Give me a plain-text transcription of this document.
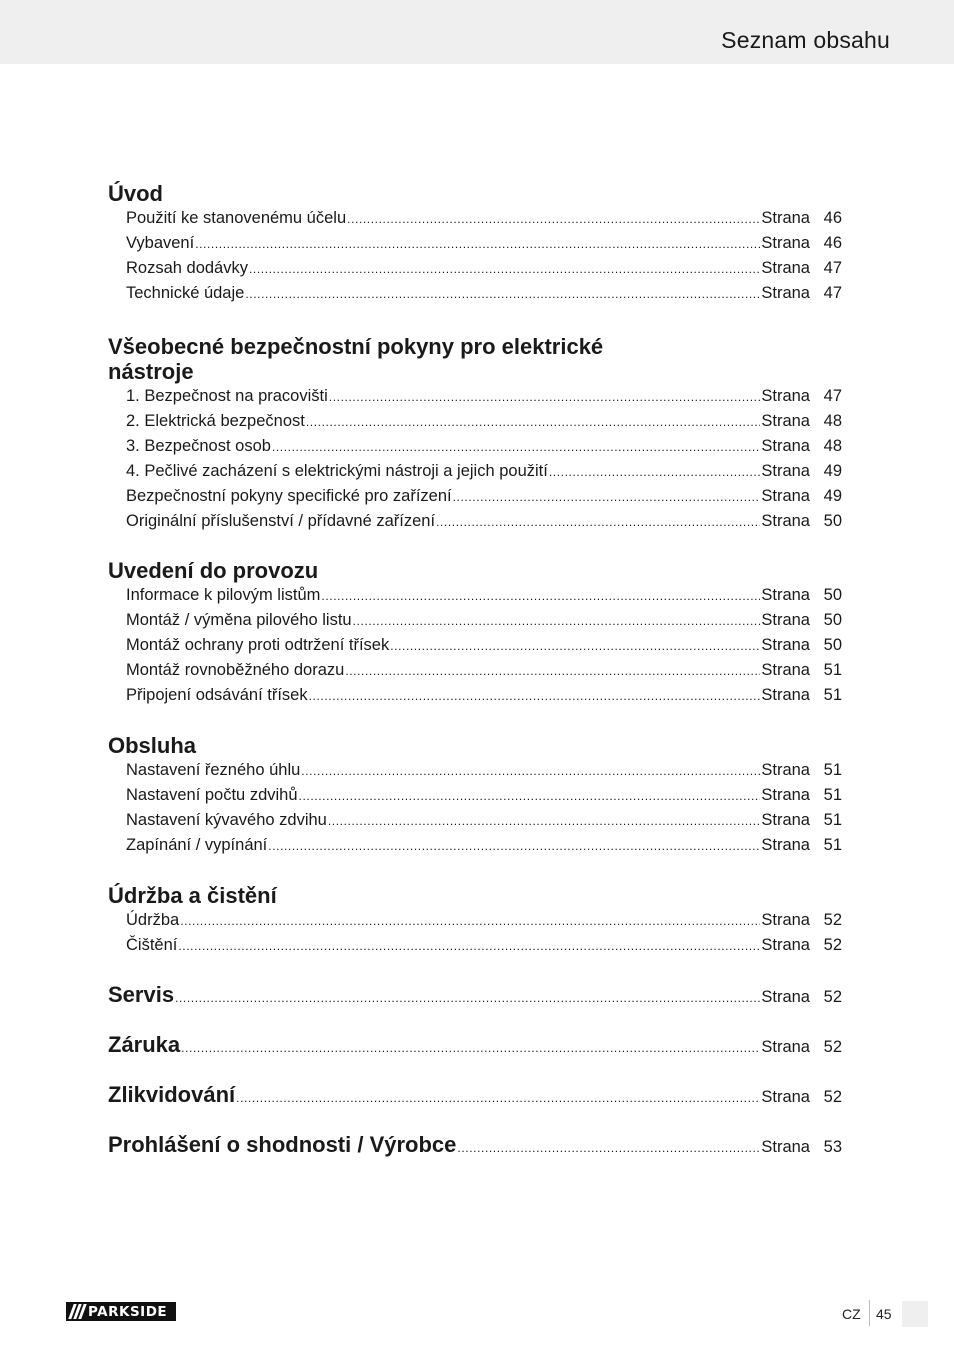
Seznam obsahu
Úvod
Použití ke stanovenému účelu .....	Strana 46
Vybavení .....	Strana 46
Rozsah dodávky .....	Strana 47
Technické údaje .....	Strana 47
Všeobecné bezpečnostní pokyny pro elektrické
nástroje
1. Bezpečnost na pracovišti .....	Strana 47
2. Elektrická bezpečnost .....	Strana 48
3. Bezpečnost osob .....	Strana 48
4. Pečlivé zacházení s elektrickými nástroji a jejich použití .....	Strana 49
Bezpečnostní pokyny specifické pro zařízení .....	Strana 49
Originální příslušenství / přídavné zařízení .....	Strana 50
Uvedení do provozu
Informace k pilovým listům .....	Strana 50
Montáž / výměna pilového listu .....	Strana 50
Montáž ochrany proti odtržení třísek .....	Strana 50
Montáž rovnoběžného dorazu .....	Strana 51
Připojení odsávání třísek .....	Strana 51
Obsluha
Nastavení řezného úhlu .....	Strana 51
Nastavení počtu zdvihů .....	Strana 51
Nastavení kývavého zdvihu .....	Strana 51
Zapínání / vypínání .....	Strana 51
Údržba a čistění
Údržba .....	Strana 52
Čištění .....	Strana 52
Servis .....	Strana 52
Záruka .....	Strana 52
Zlikvidování .....	Strana 52
Prohlášení o shodnosti / Výrobce .....	Strana 53
PARKSIDE	CZ 45
